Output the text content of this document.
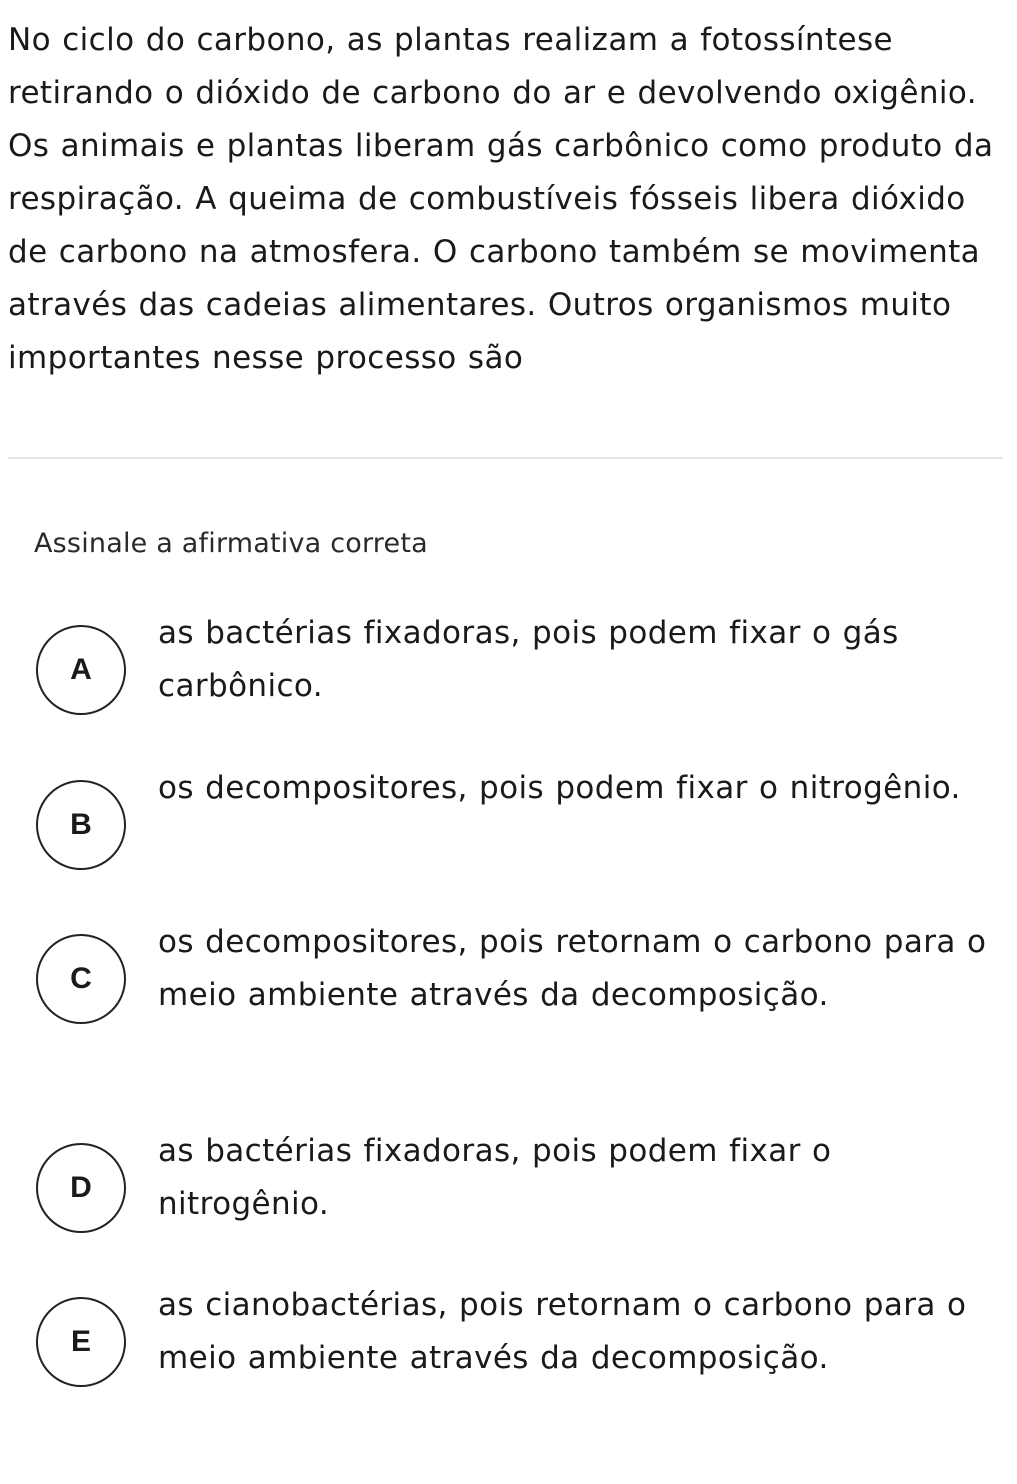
No ciclo do carbono, as plantas realizam a fotossíntese retirando o dióxido de carbono do ar e devolvendo oxigênio. Os animais e plantas liberam gás carbônico como produto da respiração. A queima de combustíveis fósseis libera dióxido de carbono na atmosfera. O carbono também se movimenta através das cadeias alimentares. Outros organismos muito importantes nesse processo são

Assinale a afirmativa correta
A
as bactérias fixadoras, pois podem fixar o gás carbônico.
B
os decompositores, pois podem fixar o nitrogênio.
C
os decompositores, pois retornam o carbono para o meio ambiente através da decomposição.
D
as bactérias fixadoras, pois podem fixar o nitrogênio.
E
as cianobactérias, pois retornam o carbono para o meio ambiente através da decomposição.
